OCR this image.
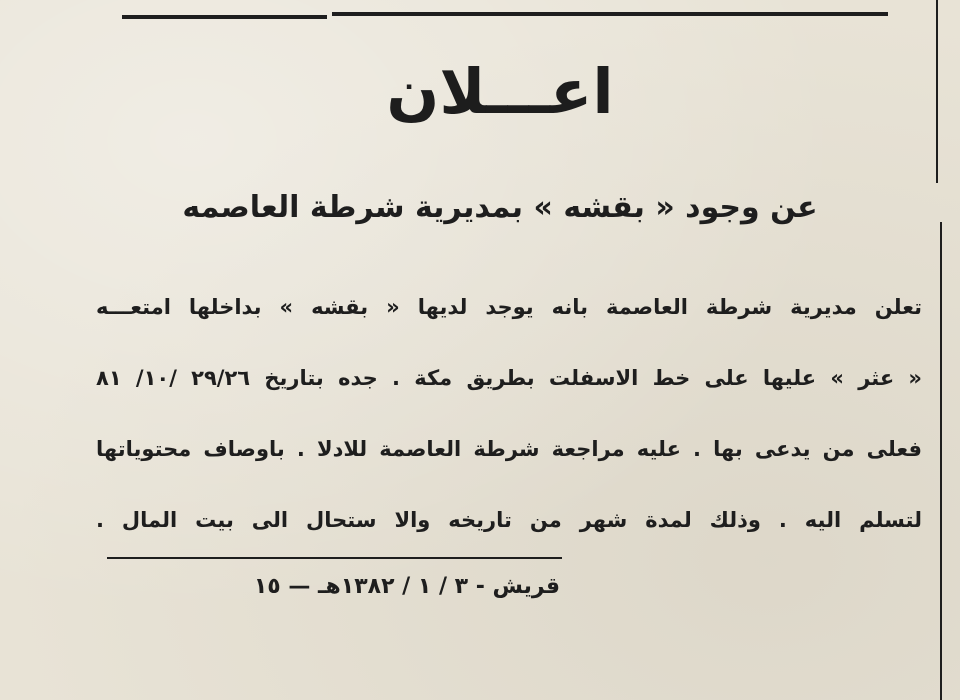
اعـــلان
عن وجود « بقشه » بمديرية شرطة العاصمه
تعلن مديرية شرطة العاصمة بانه يوجد لديها « بقشه » بداخلها امتعـــه
« عثر » عليها على خط الاسفلت بطريق مكة . جده بتاريخ ٢٩/٢٦ /١٠/ ٨١
فعلى من يدعى بها . عليه مراجعة شرطة العاصمة للادلا . باوصاف محتوياتها
لتسلم اليه . وذلك لمدة شهر من تاريخه والا ستحال الى بيت المال .
قريش - ٣ / ١ / ١٣٨٢هـ — ١٥
